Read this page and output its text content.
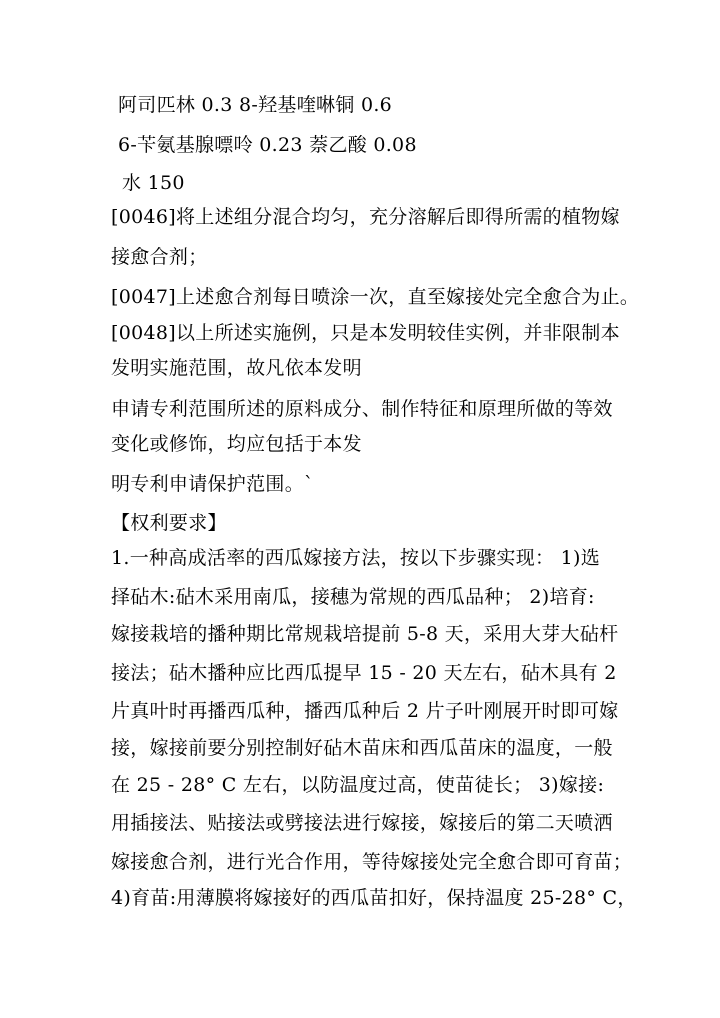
阿司匹林 0.3 8-羟基喹啉铜 0.6
6-苄氨基腺嘌呤 0.23 萘乙酸 0.08
水 150
[0046]将上述组分混合均匀，充分溶解后即得所需的植物嫁
接愈合剂；
[0047]上述愈合剂每日喷涂一次，直至嫁接处完全愈合为止。
[0048]以上所述实施例，只是本发明较佳实例，并非限制本
发明实施范围，故凡依本发明
申请专利范围所述的原料成分、制作特征和原理所做的等效
变化或修饰，均应包括于本发
明专利申请保护范围。`
【权利要求】
1.一种高成活率的西瓜嫁接方法，按以下步骤实现： 1)选
择砧木:砧木采用南瓜，接穗为常规的西瓜品种； 2)培育:
嫁接栽培的播种期比常规栽培提前 5-8 天，采用大芽大砧杆
接法；砧木播种应比西瓜提早 15 - 20 天左右，砧木具有 2
片真叶时再播西瓜种，播西瓜种后 2 片子叶刚展开时即可嫁
接，嫁接前要分别控制好砧木苗床和西瓜苗床的温度，一般
在 25 - 28° C 左右，以防温度过高，使苗徒长； 3)嫁接:
用插接法、贴接法或劈接法进行嫁接，嫁接后的第二天喷洒
嫁接愈合剂，进行光合作用，等待嫁接处完全愈合即可育苗；
4)育苗:用薄膜将嫁接好的西瓜苗扣好，保持温度 25-28° C，
